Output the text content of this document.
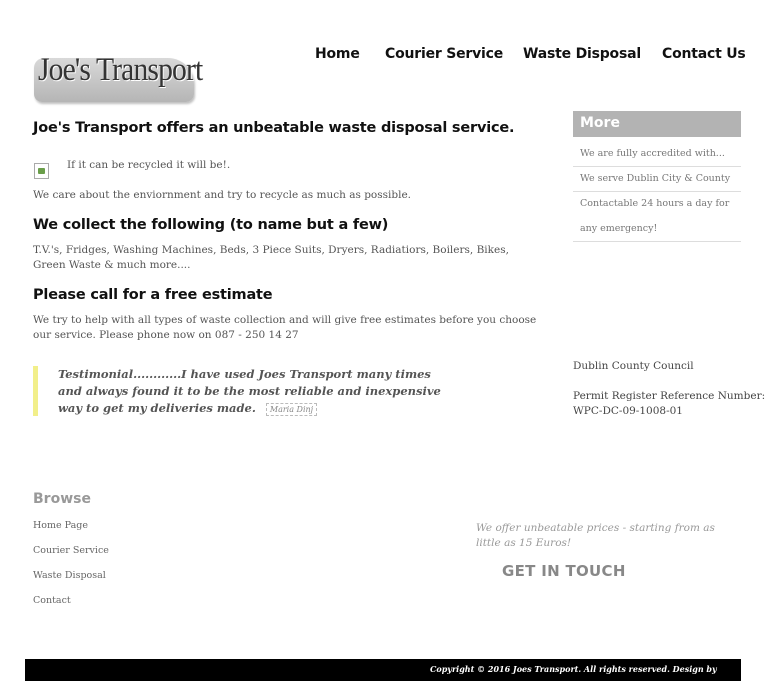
Joe's Transport	Home Courier Service Waste Disposal Contact Us
Joe's Transport offers an unbeatable waste disposal service.
If it can be recycled it will be!.
We care about the enviornment and try to recycle as much as possible.
We collect the following (to name but a few)
T.V.'s, Fridges, Washing Machines, Beds, 3 Piece Suits, Dryers, Radiatiors, Boilers, Bikes, Green Waste & much more....
Please call for a free estimate
We try to help with all types of waste collection and will give free estimates before you choose our service. Please phone now on 087 - 250 14 27
Testimonial............I have used Joes Transport many times and always found it to be the most reliable and inexpensive way to get my deliveries made. Maria Dinj
More
We are fully accredited with...
We serve Dublin City & County
Contactable 24 hours a day for any emergency!
Dublin County Council
Permit Register Reference Number:
WPC-DC-09-1008-01
Browse
Home Page
Courier Service
Waste Disposal
Contact
We offer unbeatable prices - starting from as little as 15 Euros!
GET IN TOUCH
Copyright © 2016 Joes Transport. All rights reserved. Design by
